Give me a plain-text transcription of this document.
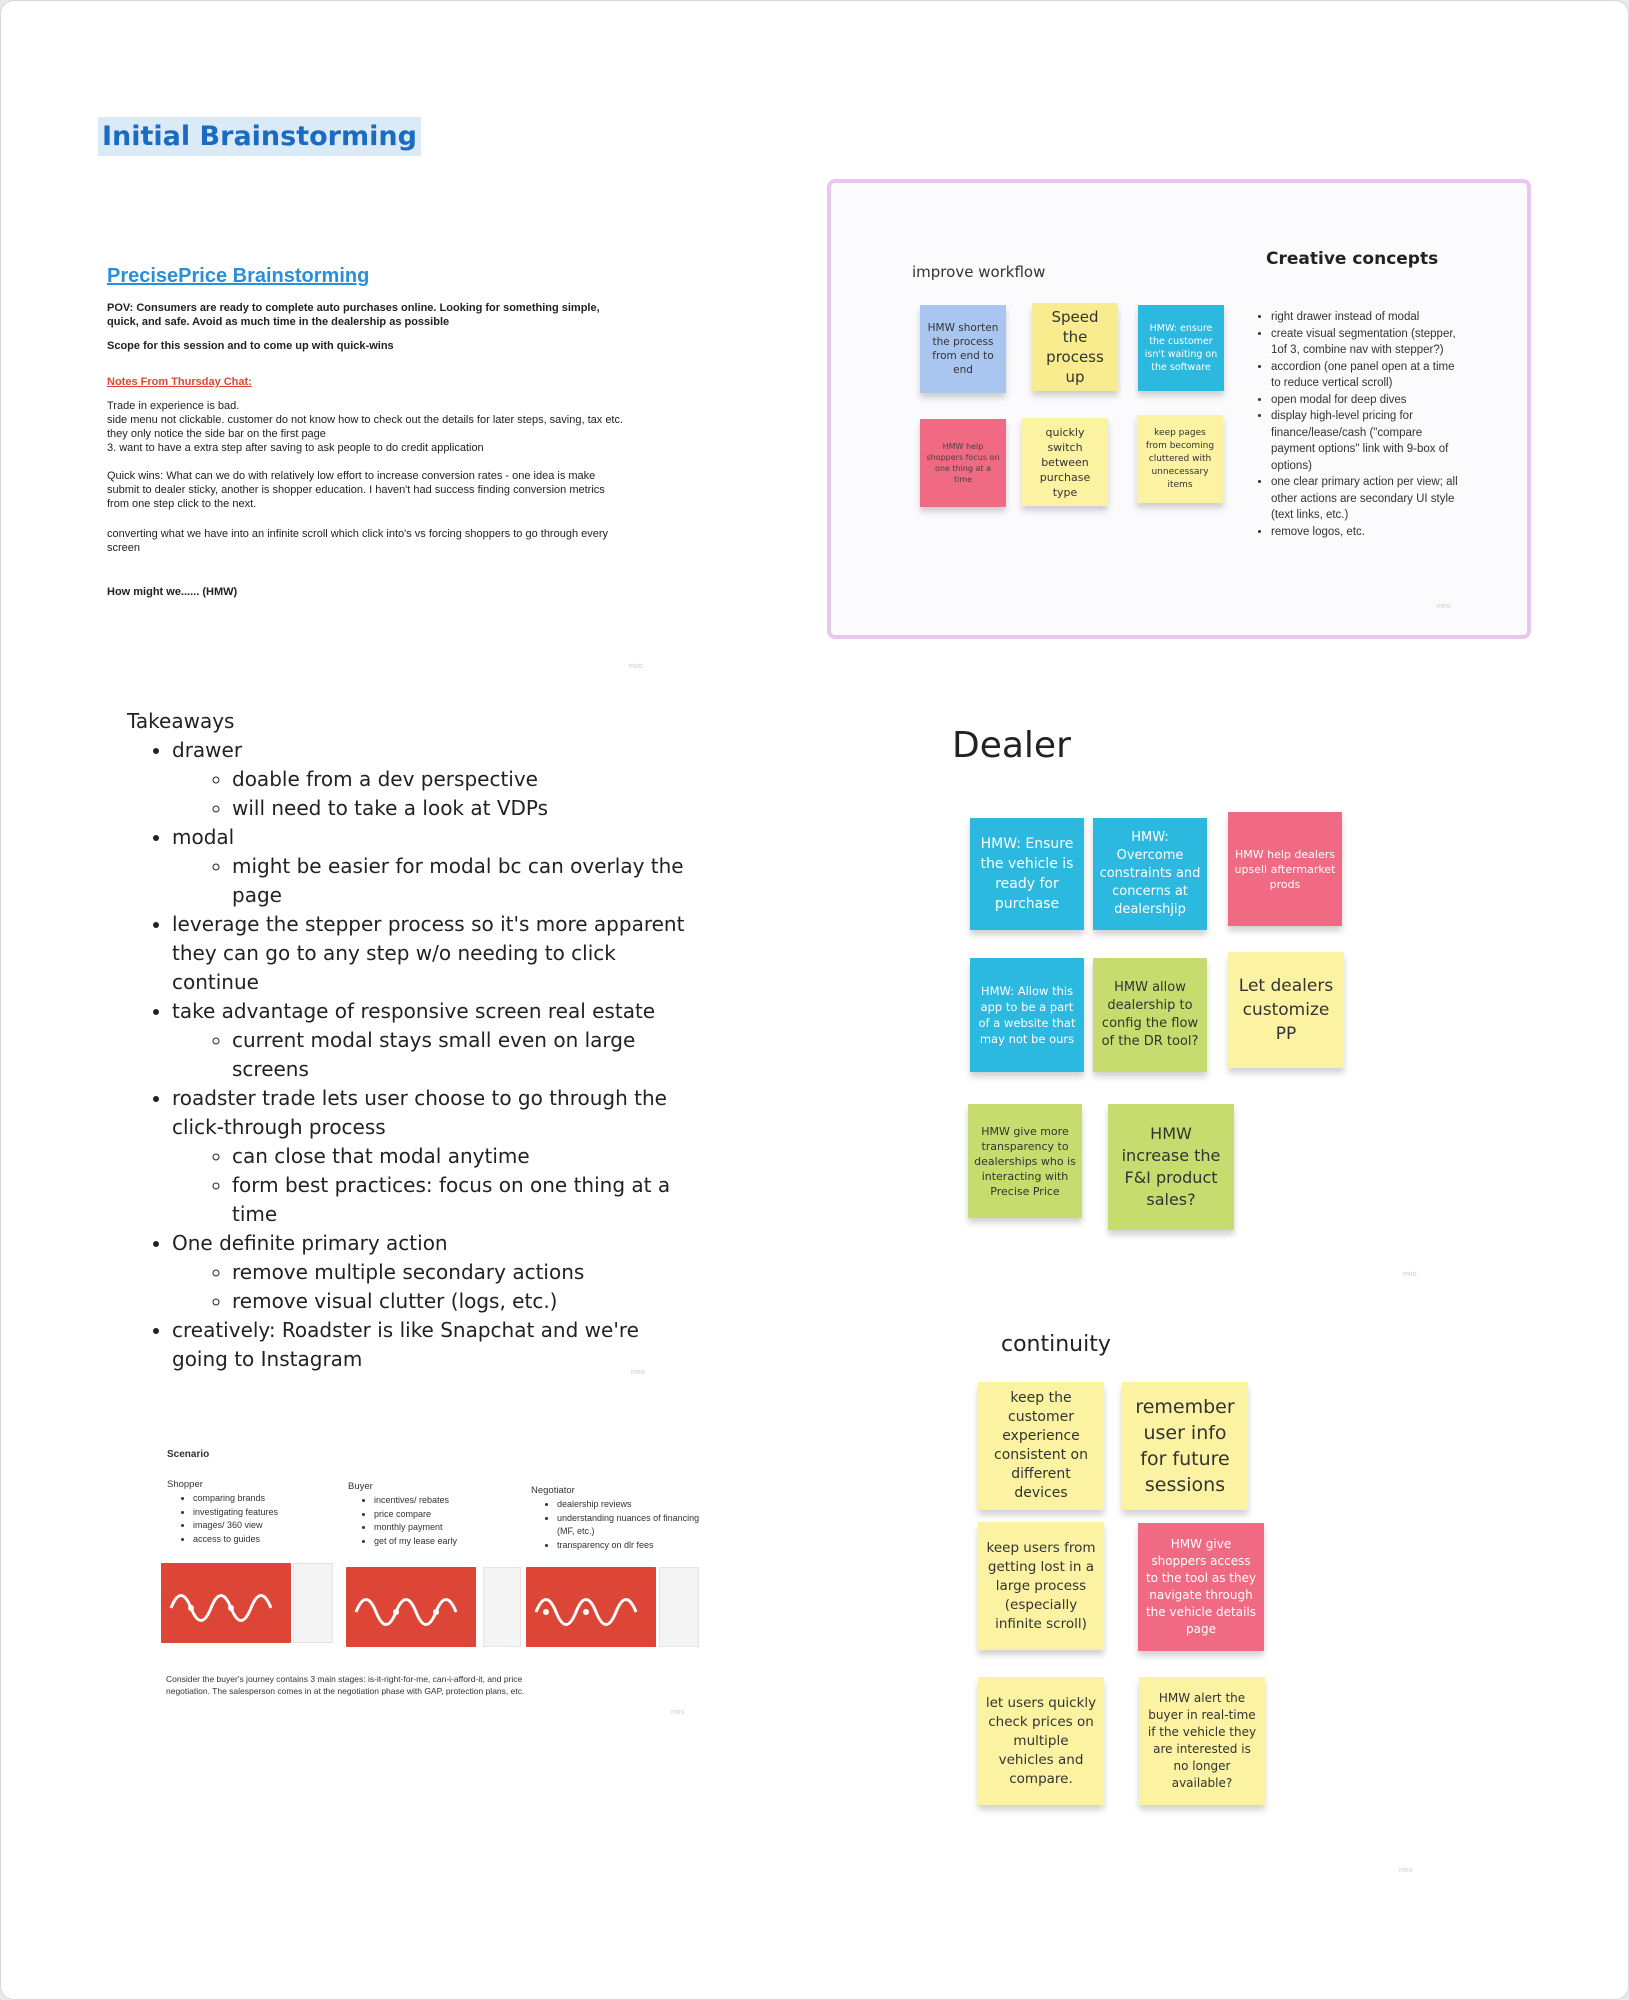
Initial Brainstorming
PrecisePrice Brainstorming

POV: Consumers are ready to complete auto purchases online. Looking for something simple, quick, and safe. Avoid as much time in the dealership as possible

Scope for this session and to come up with quick-wins

Notes From Thursday Chat:

Trade in experience is bad.
side menu not clickable. customer do not know how to check out the details for later steps, saving, tax etc. they only notice the side bar on the first page
3. want to have a extra step after saving to ask people to do credit application

Quick wins: What can we do with relatively low effort to increase conversion rates - one idea is make submit to dealer sticky, another is shopper education. I haven't had success finding conversion metrics from one step click to the next.

converting what we have into an infinite scroll which click into's vs forcing shoppers to go through every screen

How might we...... (HMW)

miro
improve workflow
HMW shorten the process from end to end
Speed the process up
HMW: ensure the customer isn't waiting on the software
HMW help shoppers focus on one thing at a time
quickly switch between purchase type
keep pages from becoming cluttered with unnecessary items
Creative concepts
• right drawer instead of modal
• create visual segmentation (stepper, 1of 3, combine nav with stepper?)
• accordion (one panel open at a time to reduce vertical scroll)
• open modal for deep dives
• display high-level pricing for finance/lease/cash ("compare payment options" link with 9-box of options)
• one clear primary action per view; all other actions are secondary UI style (text links, etc.)
• remove logos, etc.
miro
Takeaways
• drawer
◦ doable from a dev perspective
◦ will need to take a look at VDPs
• modal
◦ might be easier for modal bc can overlay the page
• leverage the stepper process so it's more apparent they can go to any step w/o needing to click continue
• take advantage of responsive screen real estate
◦ current modal stays small even on large screens
• roadster trade lets user choose to go through the click-through process
◦ can close that modal anytime
◦ form best practices: focus on one thing at a time
• One definite primary action
◦ remove multiple secondary actions
◦ remove visual clutter (logs, etc.)
• creatively: Roadster is like Snapchat and we're going to Instagram
miro
Dealer
HMW: Ensure the vehicle is ready for purchase
HMW: Overcome constraints and concerns at dealershjip
HMW help dealers upsell aftermarket prods
HMW: Allow this app to be a part of a website that may not be ours
HMW allow dealership to config the flow of the DR tool?
Let dealers customize PP
HMW give more transparency to dealerships who is interacting with Precise Price
HMW increase the F&I product sales?
miro
continuity
keep the customer experience consistent on different devices
remember user info for future sessions
keep users from getting lost in a large process (especially infinite scroll)
HMW give shoppers access to the tool as they navigate through the vehicle details page
let users quickly check prices on multiple vehicles and compare.
HMW alert the buyer in real-time if the vehicle they are interested is no longer available?
miro
Scenario
Shopper
• comparing brands
• investigating features
• images/ 360 view
• access to guides
Buyer
• incentives/ rebates
• price compare
• monthly payment
• get of my lease early
Negotiator
• dealership reviews
• understanding nuances of financing (MF, etc.)
• transparency on dlr fees
Consider the buyer's journey contains 3 main stages: is-it-right-for-me, can-i-afford-it, and price negotiation. The salesperson comes in at the negotiation phase with GAP, protection plans, etc.
miro
